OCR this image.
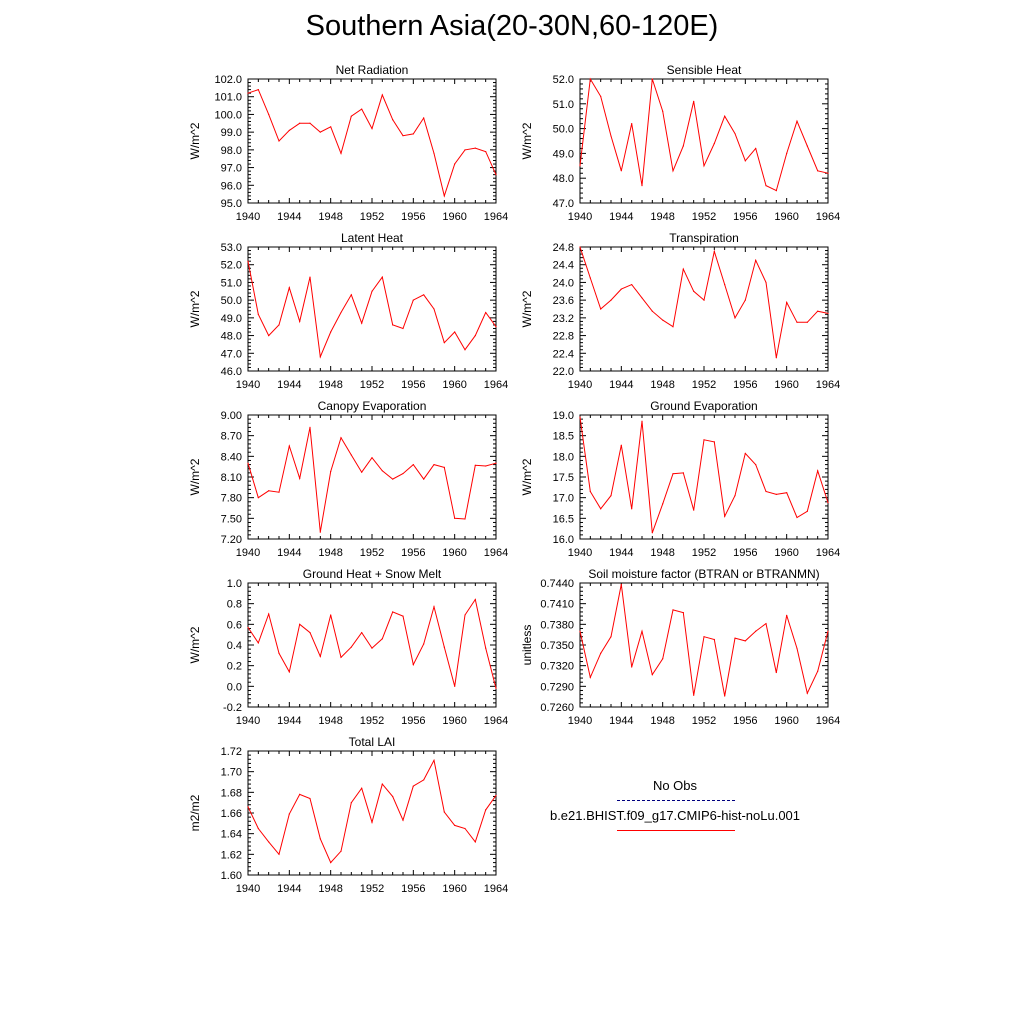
Southern Asia(20-30N,60-120E)
Net Radiation
W/m^2
1940 1944 1948 1952 1956 1960 1964
95.0
96.0
97.0
98.0
99.0
100.0
101.0
102.0
Sensible Heat
W/m^2
1940 1944 1948 1952 1956 1960 1964
47.0
48.0
49.0
50.0
51.0
52.0
Latent Heat
W/m^2
1940 1944 1948 1952 1956 1960 1964
46.0
47.0
48.0
49.0
50.0
51.0
52.0
53.0
Transpiration
W/m^2
1940 1944 1948 1952 1956 1960 1964
22.0
22.4
22.8
23.2
23.6
24.0
24.4
24.8
Canopy Evaporation
W/m^2
1940 1944 1948 1952 1956 1960 1964
7.20
7.50
7.80
8.10
8.40
8.70
9.00
Ground Evaporation
W/m^2
1940 1944 1948 1952 1956 1960 1964
16.0
16.5
17.0
17.5
18.0
18.5
19.0
Ground Heat + Snow Melt
W/m^2
1940 1944 1948 1952 1956 1960 1964
-0.2
0.0
0.2
0.4
0.6
0.8
1.0
Soil moisture factor (BTRAN or BTRANMN)
unitless
1940 1944 1948 1952 1956 1960 1964
0.7260
0.7290
0.7320
0.7350
0.7380
0.7410
0.7440
Total LAI
m2/m2
1940 1944 1948 1952 1956 1960 1964
1.60
1.62
1.64
1.66
1.68
1.70
1.72
No Obs
b.e21.BHIST.f09_g17.CMIP6-hist-noLu.001
